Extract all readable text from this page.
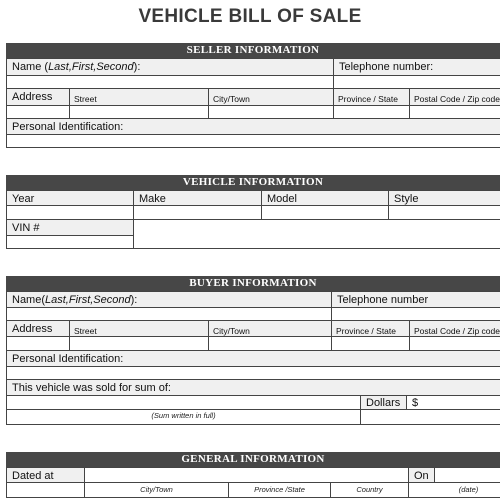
VEHICLE BILL OF SALE
SELLER INFORMATION
Name (Last,First,Second):	Telephone number:
Address	Street	City/Town	Province / State	Postal Code / Zip code
Personal Identification:
VEHICLE INFORMATION
Year	Make	Model	Style
VIN #
BUYER INFORMATION
Name(Last,First,Second):	Telephone number
Address	Street	City/Town	Province / State	Postal Code / Zip code
Personal Identification:
This vehicle was sold for sum of:
Dollars	$
(Sum written in full)
GENERAL INFORMATION
Dated at	On
City/Town	Province /State	Country	(date)
